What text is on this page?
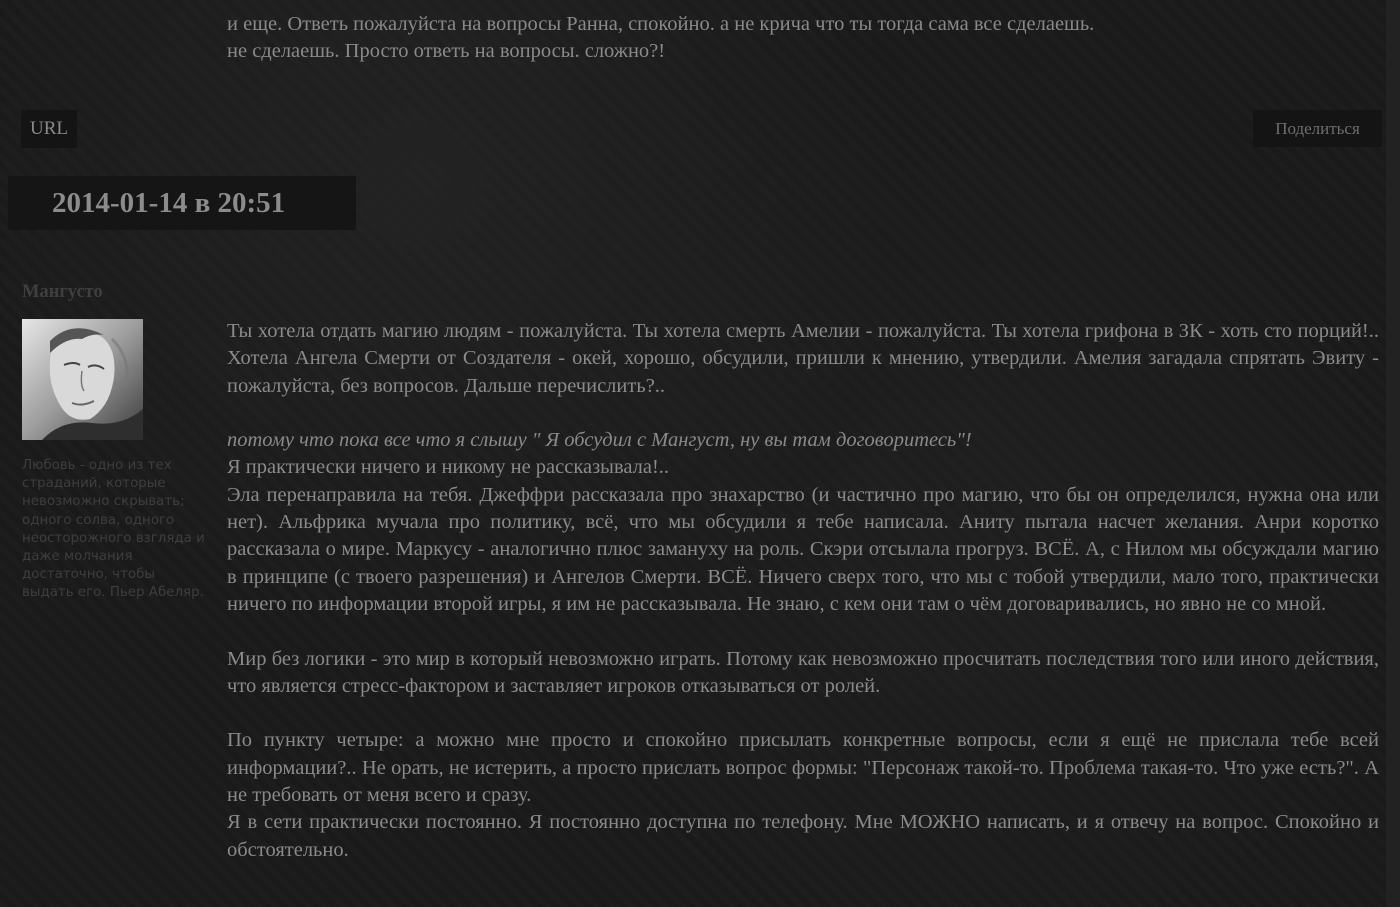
и еще. Ответь пожалуйста на вопросы Ранна, спокойно. а не крича что ты тогда сама все сделаешь.

не сделаешь. Просто ответь на вопросы. сложно?!

URL	Поделиться
2014-01-14 в 20:51
Мангусто

Любовь - одно из тех страданий, которые невозможно скрывать; одного солва, одного неосторожного взгляда и даже молчания достаточно, чтобы выдать его. Пьер Абеляр.

Ты хотела отдать магию людям - пожалуйста. Ты хотела смерть Амелии - пожалуйста. Ты хотела грифона в ЗК - хоть сто порций!.. Хотела Ангела Смерти от Создателя - окей, хорошо, обсудили, пришли к мнению, утвердили. Амелия загадала спрятать Эвиту - пожалуйста, без вопросов. Дальше перечислить?..

потому что пока все что я слышу " Я обсудил с Мангуст, ну вы там договоритесь"!

Я практически ничего и никому не рассказывала!..

Эла перенаправила на тебя. Джеффри рассказала про знахарство (и частично про магию, что бы он определился, нужна она или нет). Альфрика мучала про политику, всё, что мы обсудили я тебе написала. Аниту пытала насчет желания. Анри коротко рассказала о мире. Маркусу - аналогично плюс замануху на роль. Скэри отсылала прогруз. ВСЁ. А, с Нилом мы обсуждали магию в принципе (с твоего разрешения) и Ангелов Смерти. ВСЁ. Ничего сверх того, что мы с тобой утвердили, мало того, практически ничего по информации второй игры, я им не рассказывала. Не знаю, с кем они там о чём договаривались, но явно не со мной.

Мир без логики - это мир в который невозможно играть. Потому как невозможно просчитать последствия того или иного действия, что является стресс-фактором и заставляет игроков отказываться от ролей.

По пункту четыре: а можно мне просто и спокойно присылать конкретные вопросы, если я ещё не прислала тебе всей информации?.. Не орать, не истерить, а просто прислать вопрос формы: "Персонаж такой-то. Проблема такая-то. Что уже есть?". А не требовать от меня всего и сразу.

Я в сети практически постоянно. Я постоянно доступна по телефону. Мне МОЖНО написать, и я отвечу на вопрос. Спокойно и обстоятельно.
